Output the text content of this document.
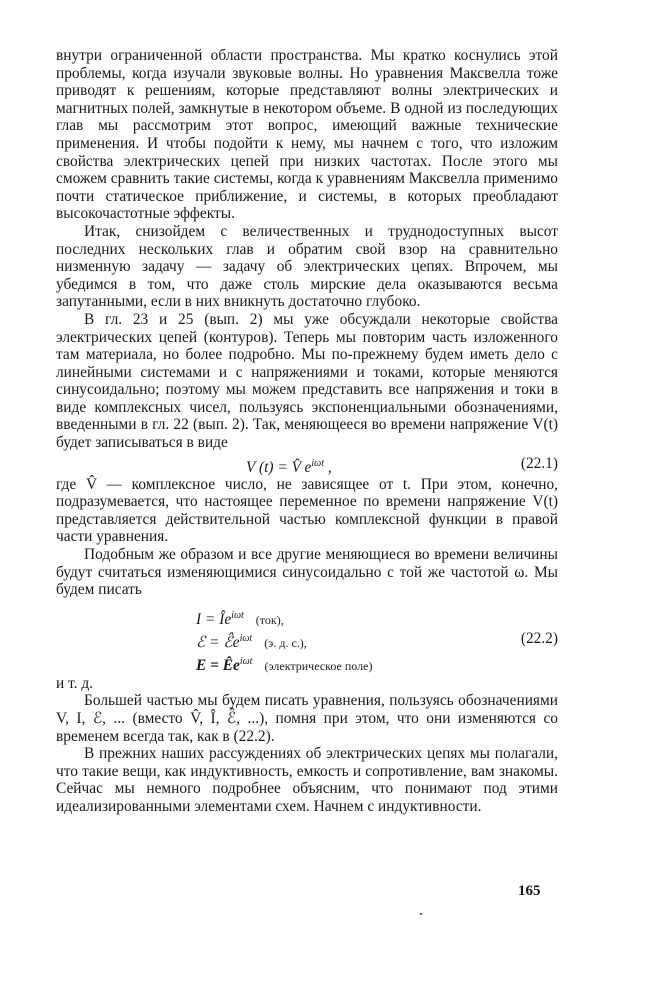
внутри ограниченной области пространства. Мы кратко коснулись этой проблемы, когда изучали звуковые волны. Но уравнения Максвелла тоже приводят к решениям, которые представляют волны электрических и магнитных полей, замкнутые в некотором объеме. В одной из последующих глав мы рассмотрим этот вопрос, имеющий важные технические применения. И чтобы подойти к нему, мы начнем с того, что изложим свойства электрических цепей при низких частотах. После этого мы сможем сравнить такие системы, когда к уравнениям Максвелла применимо почти статическое приближение, и системы, в которых преобладают высокочастотные эффекты.

Итак, снизойдем с величественных и труднодоступных высот последних нескольких глав и обратим свой взор на сравнительно низменную задачу — задачу об электрических цепях. Впрочем, мы убедимся в том, что даже столь мирские дела оказываются весьма запутанными, если в них вникнуть достаточно глубоко.

В гл. 23 и 25 (вып. 2) мы уже обсуждали некоторые свойства электрических цепей (контуров). Теперь мы повторим часть изложенного там материала, но более подробно. Мы по-прежнему будем иметь дело с линейными системами и с напряжениями и токами, которые меняются синусоидально; поэтому мы можем представить все напряжения и токи в виде комплексных чисел, пользуясь экспоненциальными обозначениями, введенными в гл. 22 (вып. 2). Так, меняющееся во времени напряжение V(t) будет записываться в виде

V (t) = V̂ $e^{i\omega t}$ ,	(22.1)

где V̂ — комплексное число, не зависящее от t. При этом, конечно, подразумевается, что настоящее переменное по времени напряжение V(t) представляется действительной частью комплексной функции в правой части уравнения.

Подобным же образом и все другие меняющиеся во времени величины будут считаться изменяющимися синусоидально с той же частотой ω. Мы будем писать

$I = Îe^{i\omega t}$ (ток),
ℰ = $ℰ̂e^{i\omega t}$ (э. д. с.),
$E = Êe^{i\omega t}$ (электрическое поле)
(22.2)

и т. д.

Большей частью мы будем писать уравнения, пользуясь обозначениями V, I, ℰ, ... (вместо V̂, Î, ℰ̂, ...), помня при этом, что они изменяются со временем всегда так, как в (22.2).

В прежних наших рассуждениях об электрических цепях мы полагали, что такие вещи, как индуктивность, емкость и сопротивление, вам знакомы. Сейчас мы немного подробнее объясним, что понимают под этими идеализированными элементами схем. Начнем с индуктивности.

165
